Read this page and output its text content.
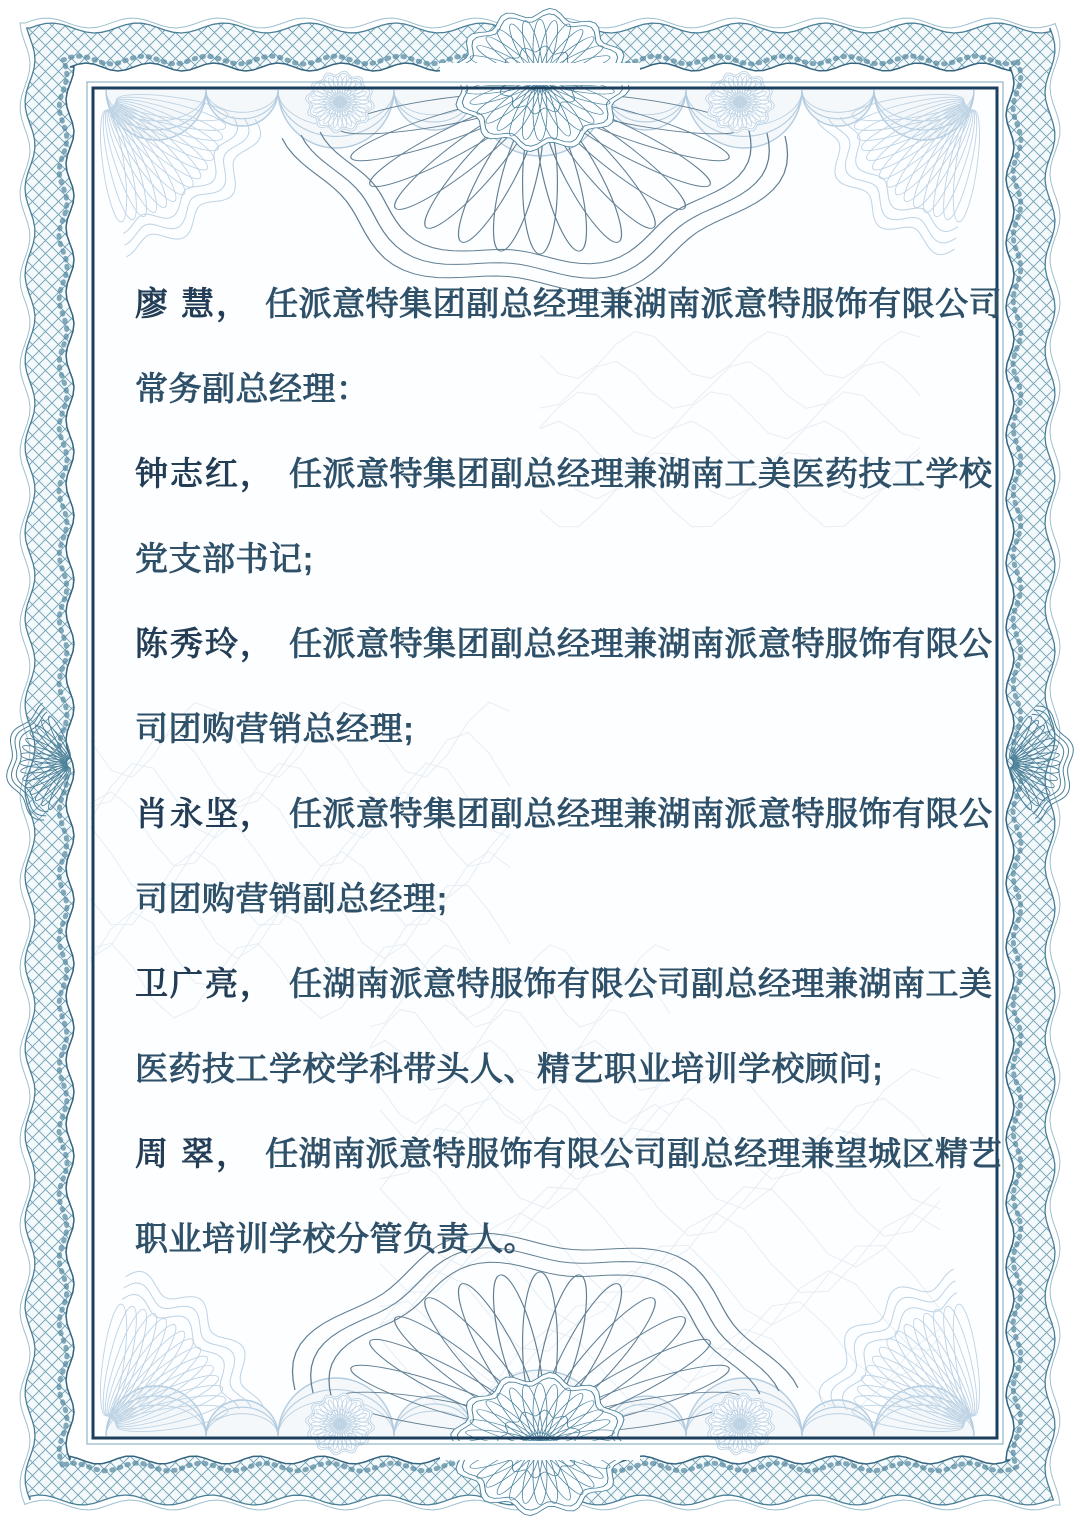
廖 慧， 任派意特集团副总经理兼湖南派意特服饰有限公司
常务副总经理：
钟志红， 任派意特集团副总经理兼湖南工美医药技工学校
党支部书记;
陈秀玲， 任派意特集团副总经理兼湖南派意特服饰有限公
司团购营销总经理;
肖永坚， 任派意特集团副总经理兼湖南派意特服饰有限公
司团购营销副总经理;
卫广亮， 任湖南派意特服饰有限公司副总经理兼湖南工美
医药技工学校学科带头人、精艺职业培训学校顾问;
周 翠， 任湖南派意特服饰有限公司副总经理兼望城区精艺
职业培训学校分管负责人。
